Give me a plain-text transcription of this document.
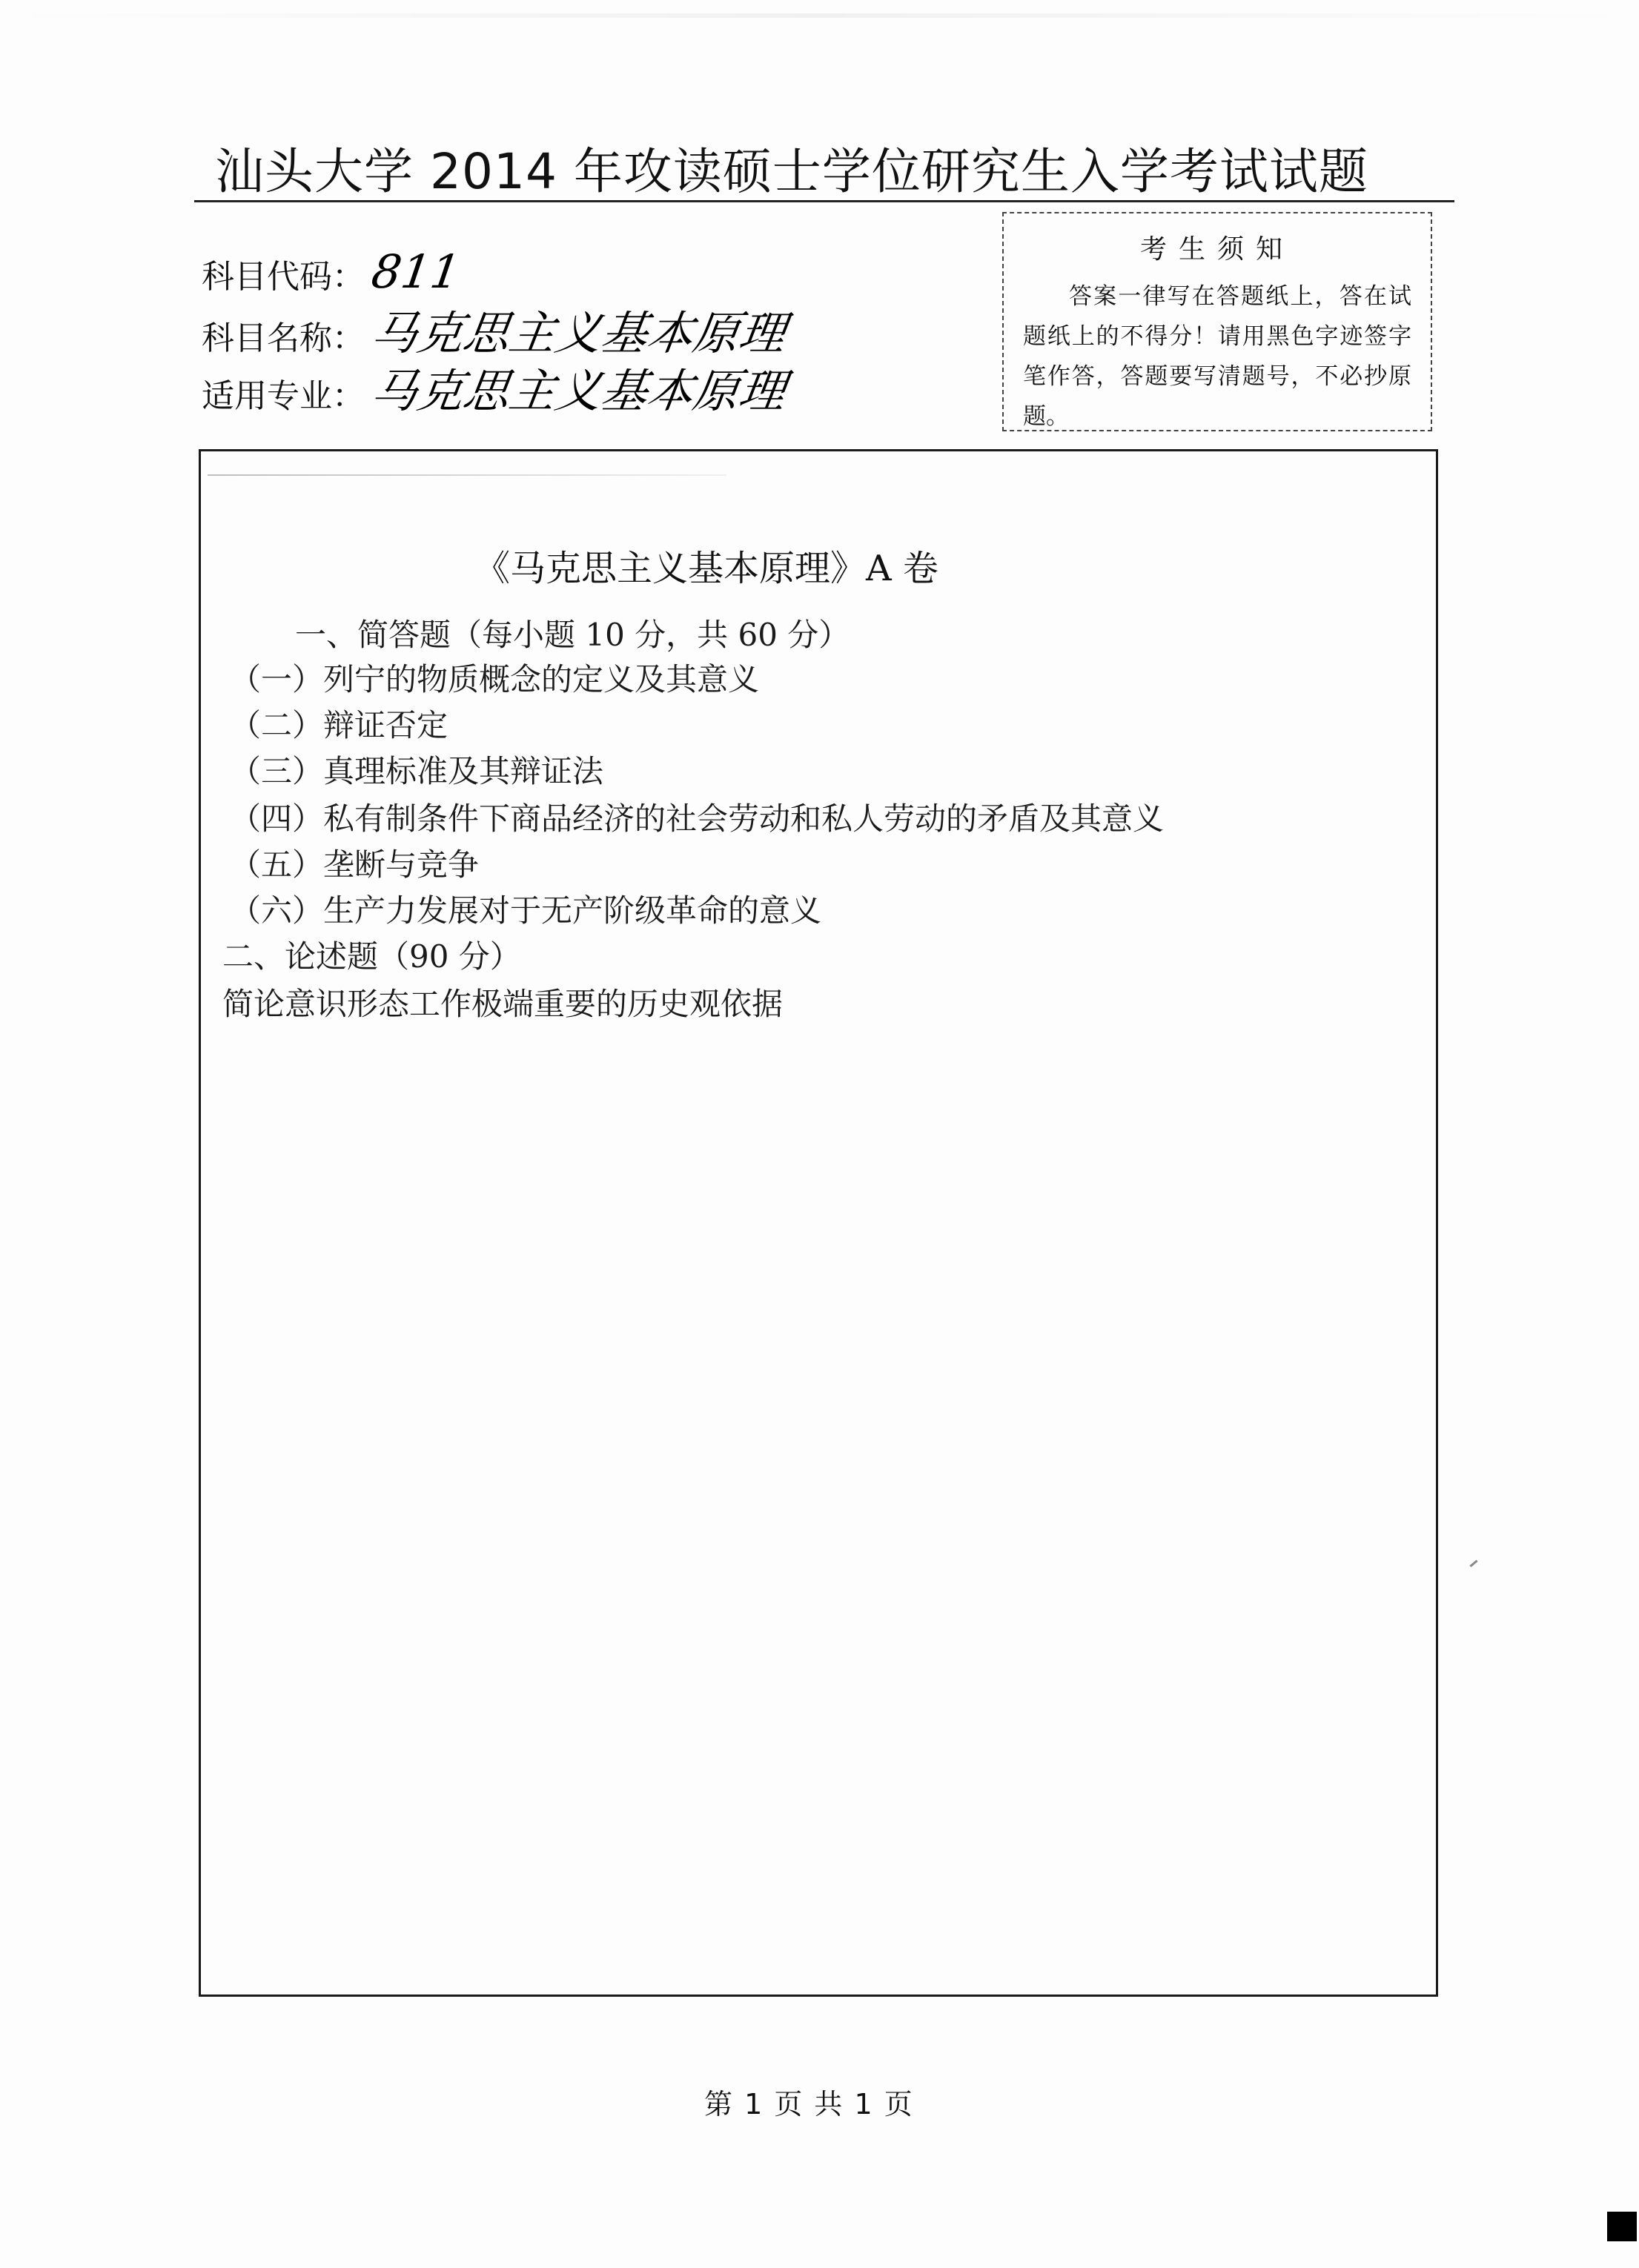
汕头大学 2014 年攻读硕士学位研究生入学考试试题
科目代码：811
科目名称：马克思主义基本原理
适用专业：马克思主义基本原理
考生须知
答案一律写在答题纸上，答在试题纸上的不得分！请用黑色字迹签字笔作答，答题要写清题号，不必抄原题。
《马克思主义基本原理》A 卷
一、简答题（每小题 10 分，共 60 分）
（一）列宁的物质概念的定义及其意义
（二）辩证否定
（三）真理标准及其辩证法
（四）私有制条件下商品经济的社会劳动和私人劳动的矛盾及其意义
（五）垄断与竞争
（六）生产力发展对于无产阶级革命的意义
二、论述题（90 分）
简论意识形态工作极端重要的历史观依据
第 1 页 共 1 页
